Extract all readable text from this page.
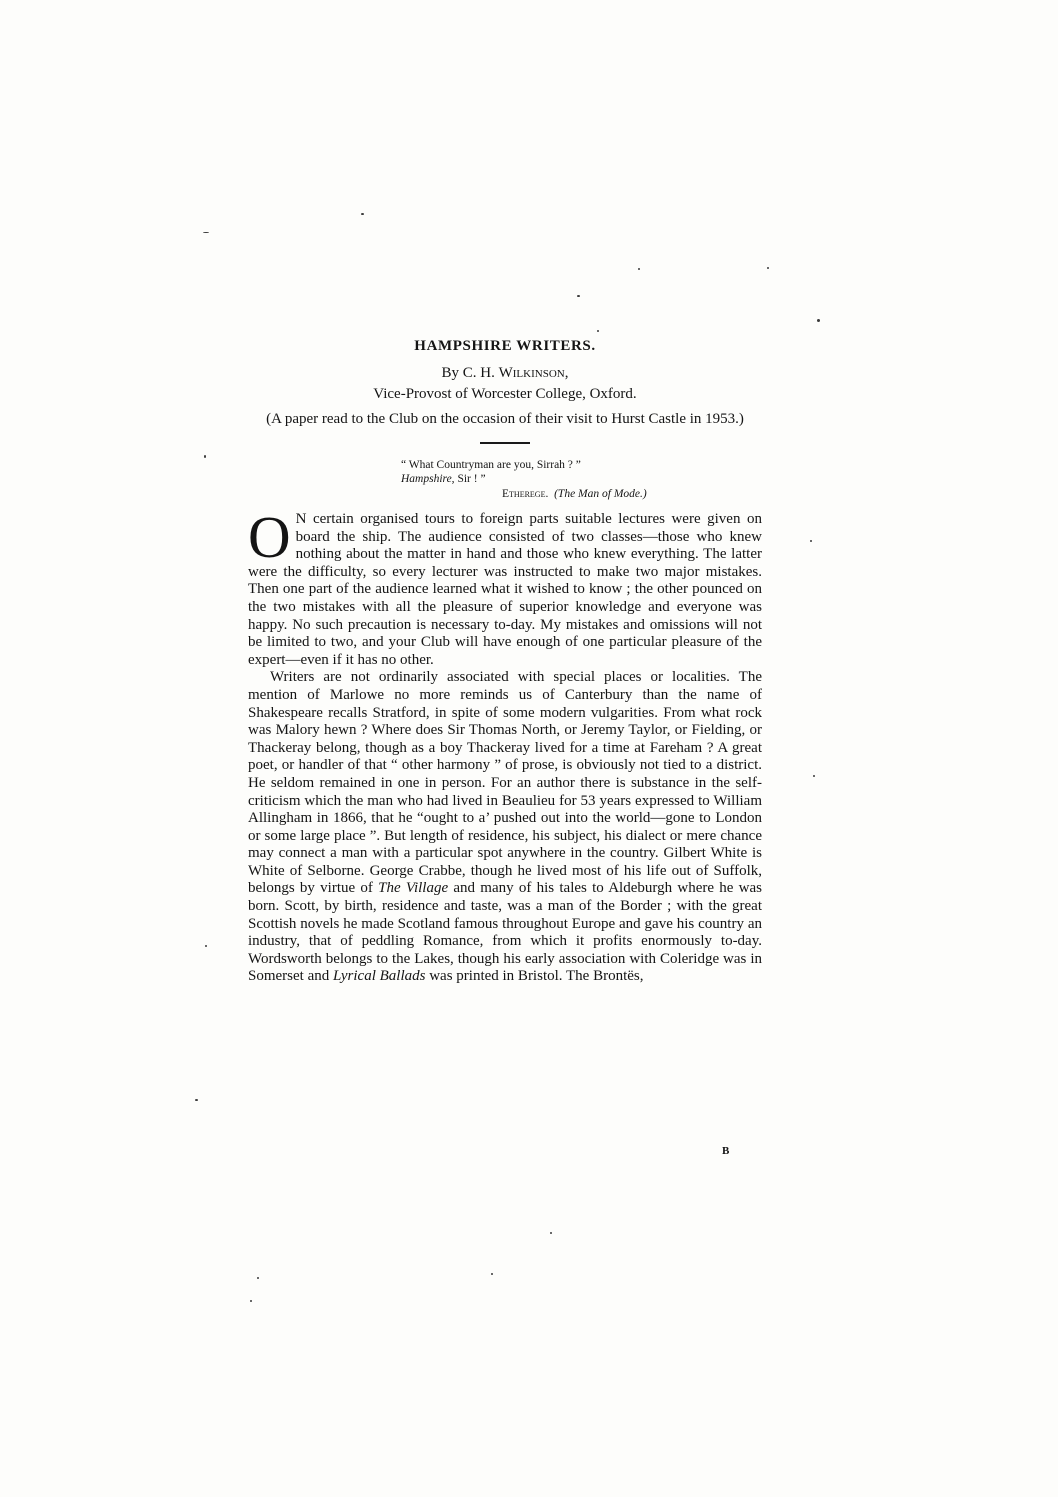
HAMPSHIRE WRITERS.
By C. H. Wilkinson,
Vice-Provost of Worcester College, Oxford.
(A paper read to the Club on the occasion of their visit to Hurst Castle in 1953.)
“ What Countryman are you, Sirrah ? ”
Hampshire, Sir ! ”
Etherege. (The Man of Mode.)

O N certain organised tours to foreign parts suitable lectures were given on board the ship. The audience consisted of two classes—those who knew nothing about the matter in hand and those who knew everything. The latter were the difficulty, so every lecturer was instructed to make two major mistakes. Then one part of the audience learned what it wished to know ; the other pounced on the two mistakes with all the pleasure of superior knowledge and everyone was happy. No such precaution is necessary to-day. My mistakes and omissions will not be limited to two, and your Club will have enough of one particular pleasure of the expert—even if it has no other.

Writers are not ordinarily associated with special places or localities. The mention of Marlowe no more reminds us of Canterbury than the name of Shakespeare recalls Stratford, in spite of some modern vulgarities. From what rock was Malory hewn ? Where does Sir Thomas North, or Jeremy Taylor, or Fielding, or Thackeray belong, though as a boy Thackeray lived for a time at Fareham ? A great poet, or handler of that “ other harmony ” of prose, is obviously not tied to a district. He seldom remained in one in person. For an author there is substance in the self-criticism which the man who had lived in Beaulieu for 53 years expressed to William Allingham in 1866, that he “ought to a’ pushed out into the world—gone to London or some large place ”. But length of residence, his subject, his dialect or mere chance may connect a man with a particular spot anywhere in the country. Gilbert White is White of Selborne. George Crabbe, though he lived most of his life out of Suffolk, belongs by virtue of The Village and many of his tales to Aldeburgh where he was born. Scott, by birth, residence and taste, was a man of the Border ; with the great Scottish novels he made Scotland famous throughout Europe and gave his country an industry, that of peddling Romance, from which it profits enormously to-day. Wordsworth belongs to the Lakes, though his early association with Coleridge was in Somerset and Lyrical Ballads was printed in Bristol. The Brontës,

B
